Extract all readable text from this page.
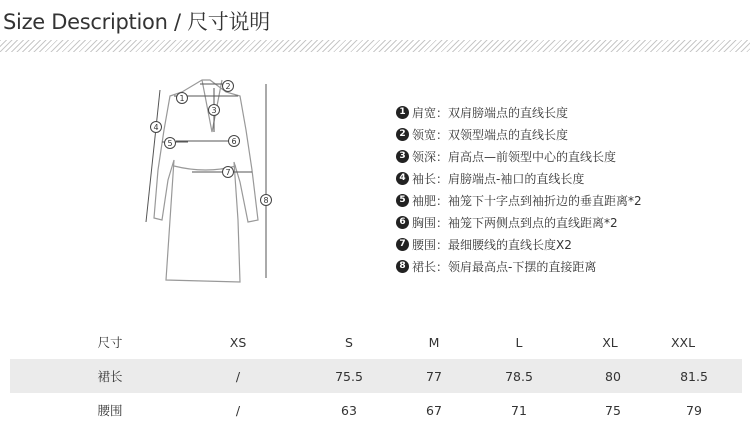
Size Description / 尺寸说明
1
2
3
4
5	6
7
8
1 肩宽：双肩膀端点的直线长度
2 领宽：双领型端点的直线长度
3 领深：肩高点—前领型中心的直线长度
4 袖长：肩膀端点-袖口的直线长度
5 袖肥：袖笼下十字点到袖折边的垂直距离*2
6 胸围：袖笼下两侧点到点的直线距离*2
7 腰围：最细腰线的直线长度X2
8 裙长：领肩最高点-下摆的直接距离
尺寸	XS	S	M	L	XL	XXL
裙长	/	75.5	77	78.5	80	81.5
腰围	/	63	67	71	75	79
